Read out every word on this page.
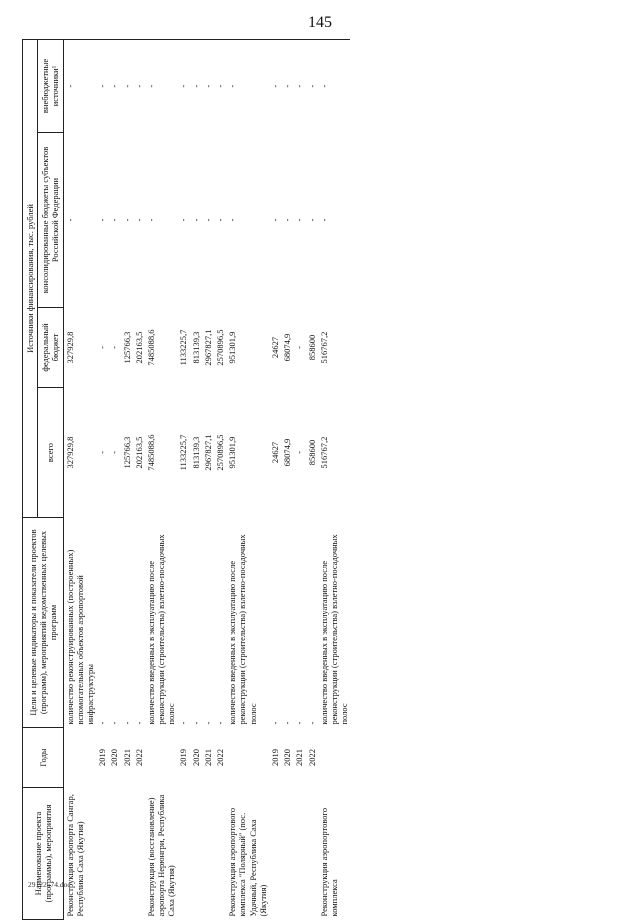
145
Наименование проекта (программы), мероприятия	Годы	Цели и целевые индикаторы и показатели проектов (программ), мероприятий ведомственных целевых программ	Источники финансирования, тыс. рублей			
			всего	федеральный бюджет	консолидированные бюджеты субъектов Российской Федерации	внебюджетные источники¹
Реконструкция аэропорта Сангар, Республика Саха (Якутия)		количество реконструированных (построенных) вспомогательных объектов аэропортовой инфраструктуры	327929,8	327929,8	-	-
	2019	-	-	-	-	-
	2020	-	-	-	-	-
	2021	-	125766,3	125766,3	-	-
	2022	-	202163,5	202163,5	-	-
Реконструкция (восстановление) аэропорта Нерюнгри, Республика Саха (Якутия)		количество введенных в эксплуатацию после реконструкции (строительства) взлетно-посадочных полос	7485088,6	7485088,6	-	-
	2019	-	1133225,7	1133225,7	-	-
	2020	-	813139,3	813139,3	-	-
	2021	-	2967827,1	2967827,1	-	-
	2022	-	2570896,5	2570896,5	-	-
Реконструкция аэропортового комплекса "Полярный" (пос. Удачный, Республика Саха (Якутия)		количество введенных в эксплуатацию после реконструкции (строительства) взлетно-посадочных полос	951301,9	951301,9	-	-
	2019	-	24627	24627	-	-
	2020	-	68074,9	68074,9	-	-
	2021	-	-	-	-	-
	2022	-	858600	858600	-	-
Реконструкция аэропортового комплекса		количество введенных в эксплуатацию после реконструкции (строительства) взлетно-посадочных полос	516767,2	516767,2	-	-
29122574.doc
